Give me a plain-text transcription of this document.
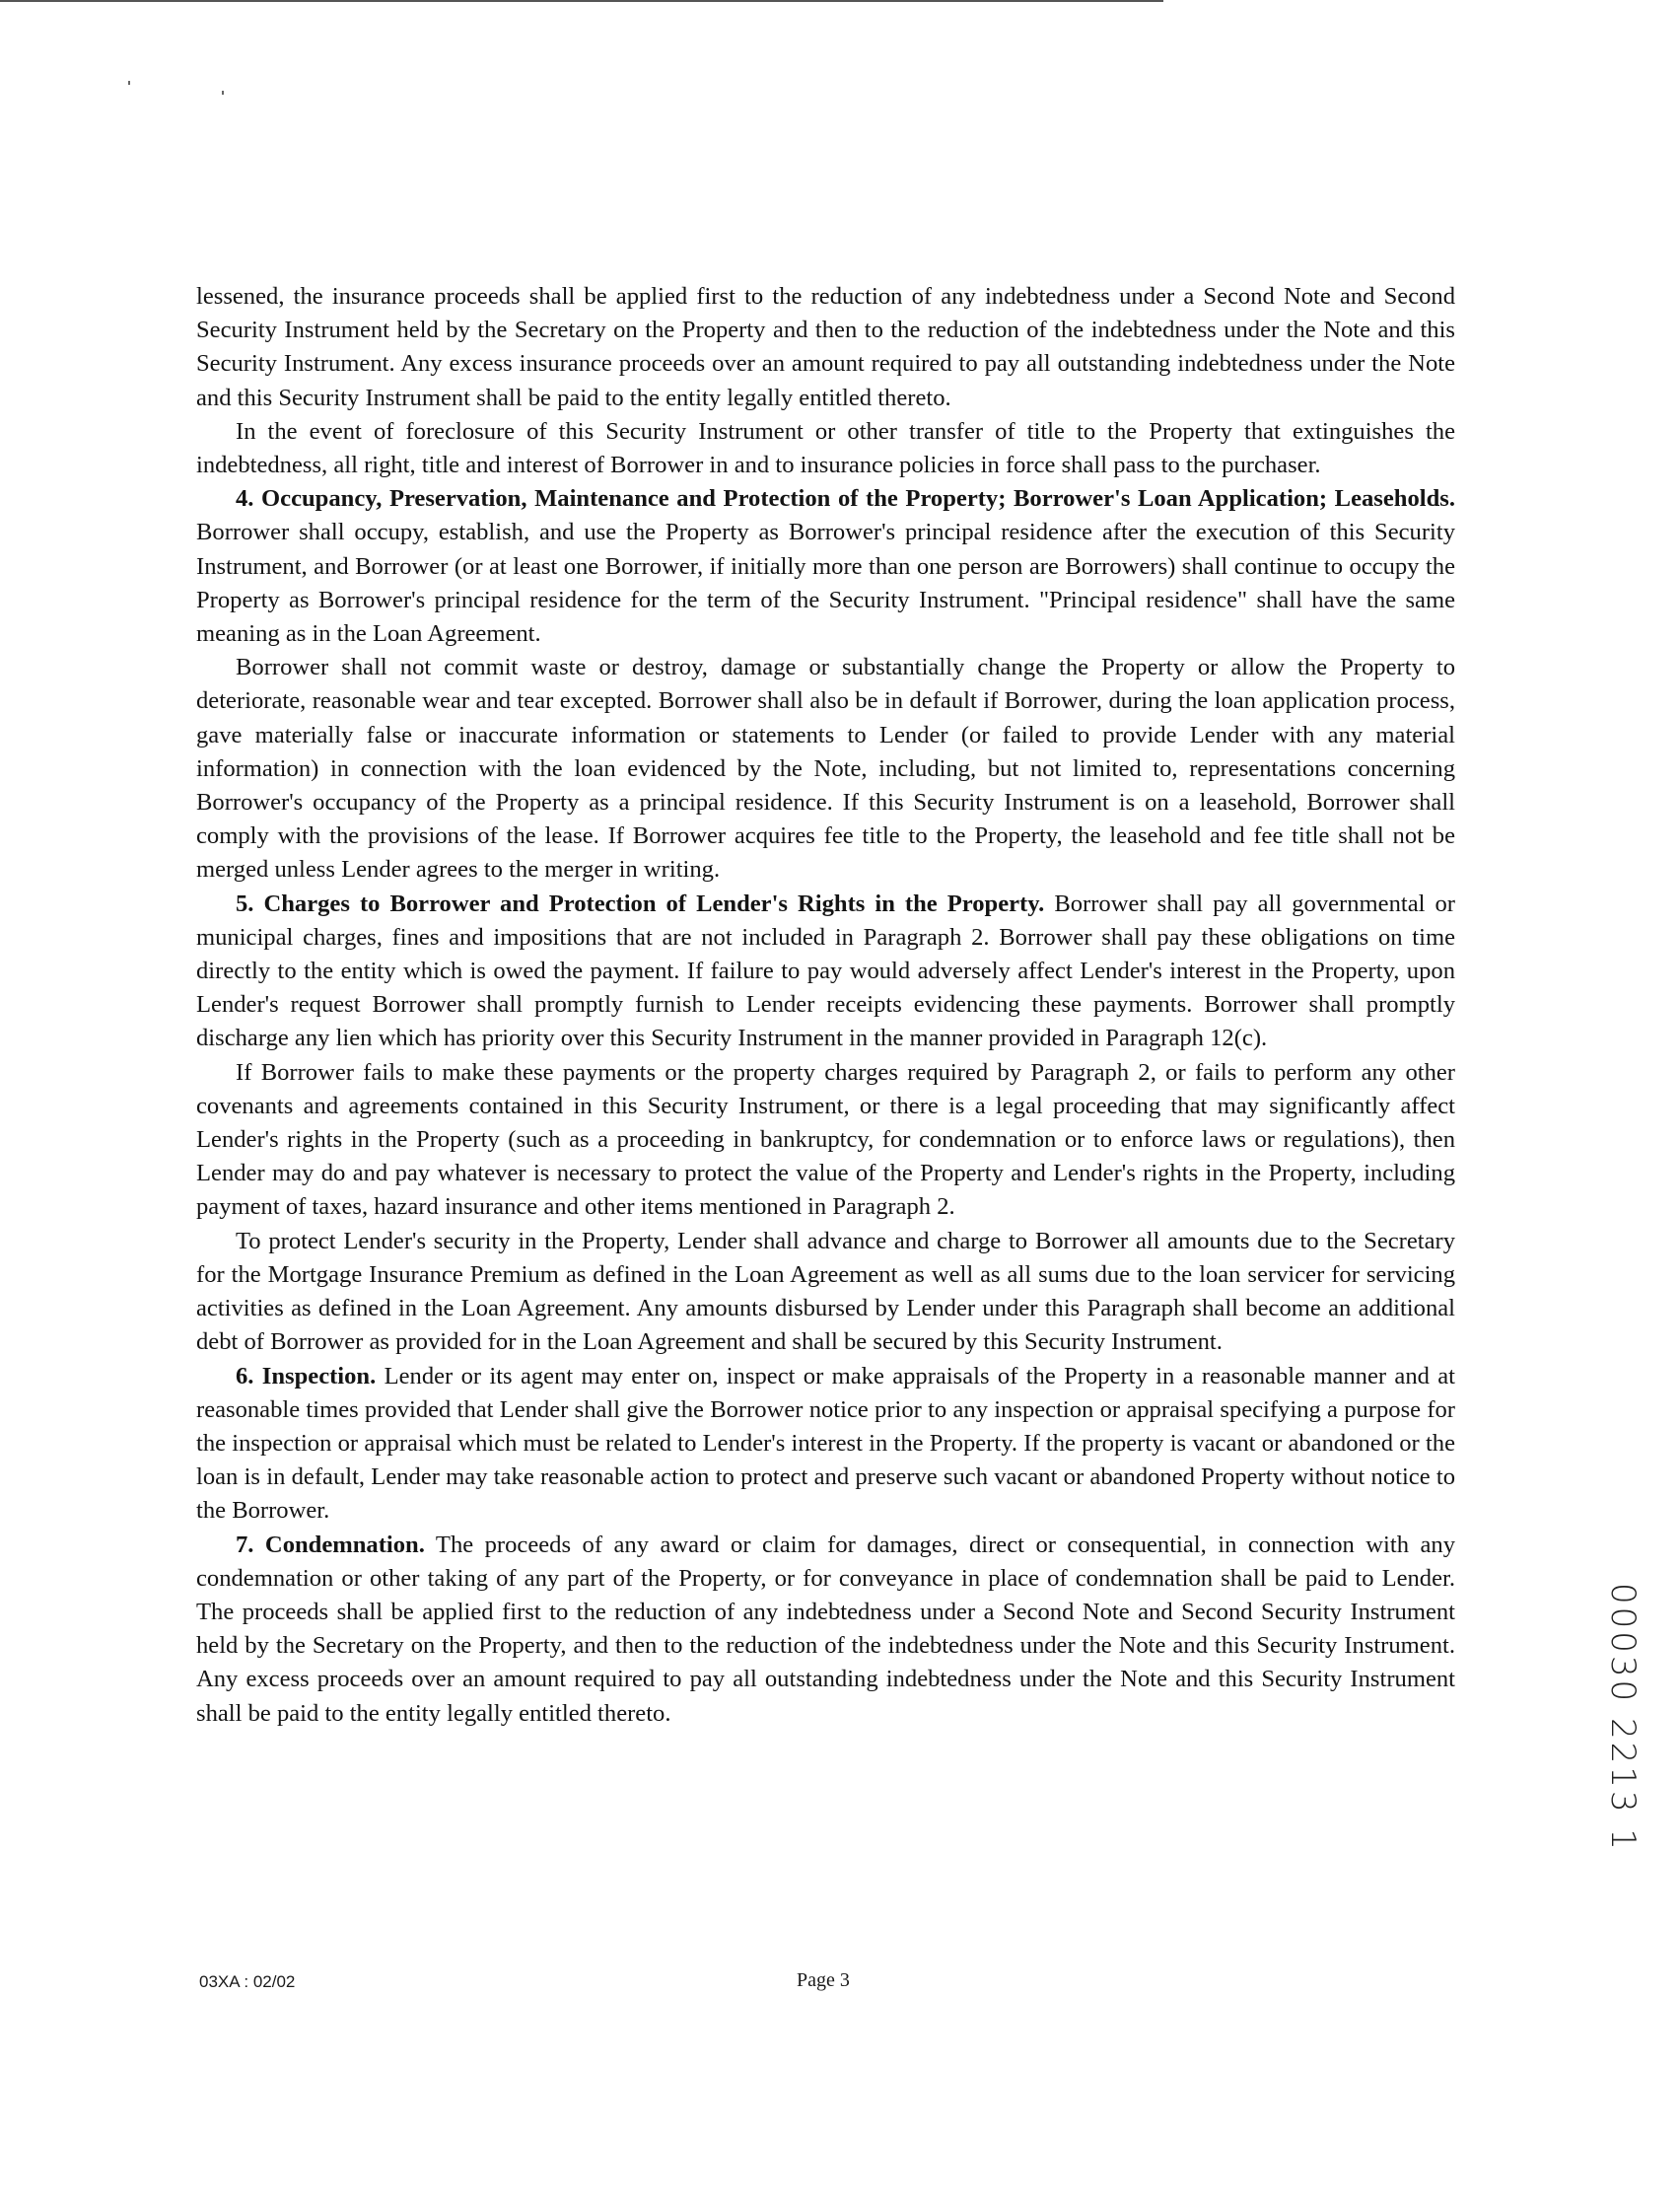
lessened, the insurance proceeds shall be applied first to the reduction of any indebtedness under a Second Note and Second Security Instrument held by the Secretary on the Property and then to the reduction of the indebtedness under the Note and this Security Instrument. Any excess insurance proceeds over an amount required to pay all outstanding indebtedness under the Note and this Security Instrument shall be paid to the entity legally entitled thereto.

In the event of foreclosure of this Security Instrument or other transfer of title to the Property that extinguishes the indebtedness, all right, title and interest of Borrower in and to insurance policies in force shall pass to the purchaser.

4. Occupancy, Preservation, Maintenance and Protection of the Property; Borrower's Loan Application; Leaseholds. Borrower shall occupy, establish, and use the Property as Borrower's principal residence after the execution of this Security Instrument, and Borrower (or at least one Borrower, if initially more than one person are Borrowers) shall continue to occupy the Property as Borrower's principal residence for the term of the Security Instrument. "Principal residence" shall have the same meaning as in the Loan Agreement.

Borrower shall not commit waste or destroy, damage or substantially change the Property or allow the Property to deteriorate, reasonable wear and tear excepted. Borrower shall also be in default if Borrower, during the loan application process, gave materially false or inaccurate information or statements to Lender (or failed to provide Lender with any material information) in connection with the loan evidenced by the Note, including, but not limited to, representations concerning Borrower's occupancy of the Property as a principal residence. If this Security Instrument is on a leasehold, Borrower shall comply with the provisions of the lease. If Borrower acquires fee title to the Property, the leasehold and fee title shall not be merged unless Lender agrees to the merger in writing.

5. Charges to Borrower and Protection of Lender's Rights in the Property. Borrower shall pay all governmental or municipal charges, fines and impositions that are not included in Paragraph 2. Borrower shall pay these obligations on time directly to the entity which is owed the payment. If failure to pay would adversely affect Lender's interest in the Property, upon Lender's request Borrower shall promptly furnish to Lender receipts evidencing these payments. Borrower shall promptly discharge any lien which has priority over this Security Instrument in the manner provided in Paragraph 12(c).

If Borrower fails to make these payments or the property charges required by Paragraph 2, or fails to perform any other covenants and agreements contained in this Security Instrument, or there is a legal proceeding that may significantly affect Lender's rights in the Property (such as a proceeding in bankruptcy, for condemnation or to enforce laws or regulations), then Lender may do and pay whatever is necessary to protect the value of the Property and Lender's rights in the Property, including payment of taxes, hazard insurance and other items mentioned in Paragraph 2.

To protect Lender's security in the Property, Lender shall advance and charge to Borrower all amounts due to the Secretary for the Mortgage Insurance Premium as defined in the Loan Agreement as well as all sums due to the loan servicer for servicing activities as defined in the Loan Agreement. Any amounts disbursed by Lender under this Paragraph shall become an additional debt of Borrower as provided for in the Loan Agreement and shall be secured by this Security Instrument.

6. Inspection. Lender or its agent may enter on, inspect or make appraisals of the Property in a reasonable manner and at reasonable times provided that Lender shall give the Borrower notice prior to any inspection or appraisal specifying a purpose for the inspection or appraisal which must be related to Lender's interest in the Property. If the property is vacant or abandoned or the loan is in default, Lender may take reasonable action to protect and preserve such vacant or abandoned Property without notice to the Borrower.

7. Condemnation. The proceeds of any award or claim for damages, direct or consequential, in connection with any condemnation or other taking of any part of the Property, or for conveyance in place of condemnation shall be paid to Lender. The proceeds shall be applied first to the reduction of any indebtedness under a Second Note and Second Security Instrument held by the Secretary on the Property, and then to the reduction of the indebtedness under the Note and this Security Instrument. Any excess proceeds over an amount required to pay all outstanding indebtedness under the Note and this Security Instrument shall be paid to the entity legally entitled thereto.

03XA : 02/02	Page 3
00030 2213 1
